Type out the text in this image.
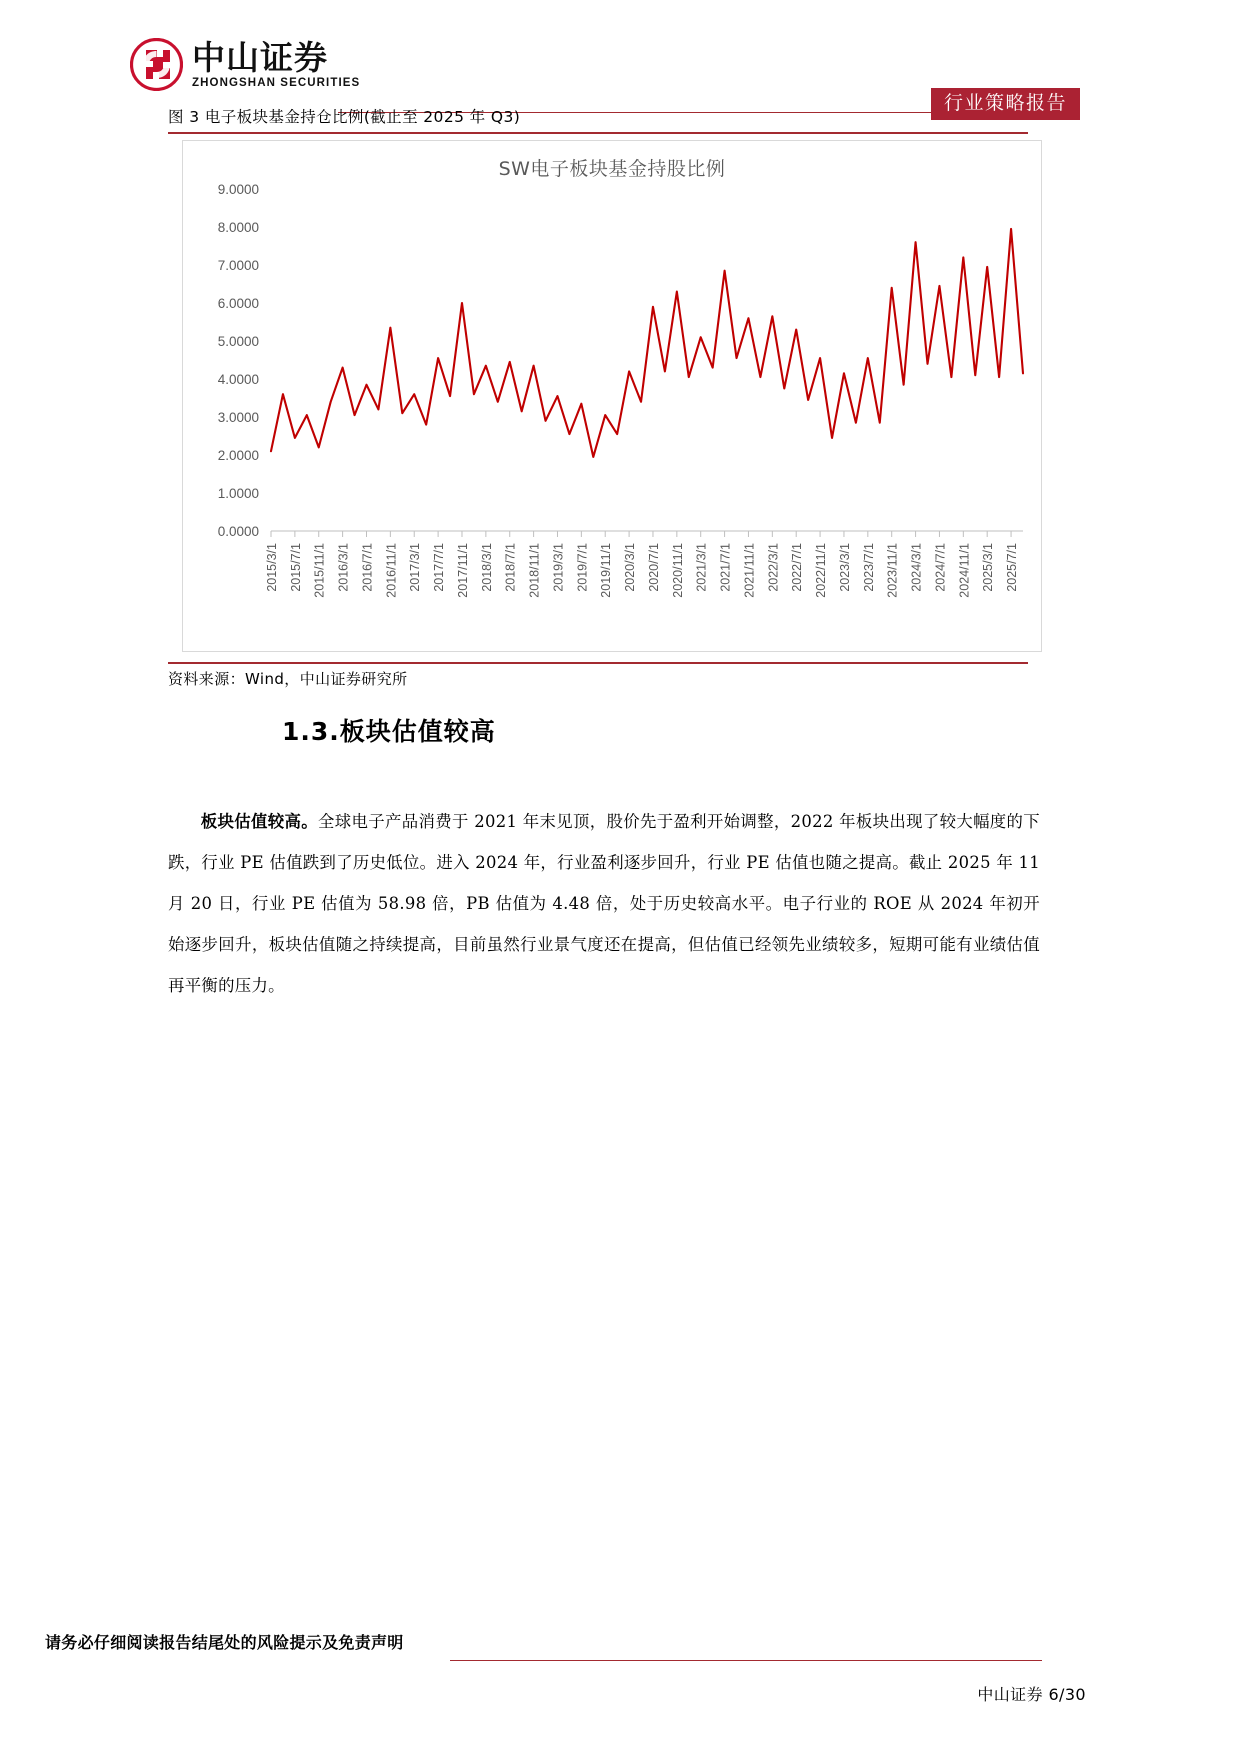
中山证券
ZHONGSHAN SECURITIES
行业策略报告
图 3 电子板块基金持仓比例(截止至 2025 年 Q3)
SW电子板块基金持股比例
0.0000
1.0000
2.0000
3.0000
4.0000
5.0000
6.0000
7.0000
8.0000
9.0000
2015/3/1 2015/7/1 2015/11/1 2016/3/1 2016/7/1 2016/11/1 2017/3/1 2017/7/1 2017/11/1 2018/3/1 2018/7/1 2018/11/1 2019/3/1 2019/7/1 2019/11/1 2020/3/1 2020/7/1 2020/11/1 2021/3/1 2021/7/1 2021/11/1 2022/3/1 2022/7/1 2022/11/1 2023/3/1 2023/7/1 2023/11/1 2024/3/1 2024/7/1 2024/11/1 2025/3/1 2025/7/1
资料来源：Wind，中山证券研究所
1.3.板块估值较高

板块估值较高。全球电子产品消费于 2021 年末见顶，股价先于盈利开始调整，2022 年板块出现了较大幅度的下跌，行业 PE 估值跌到了历史低位。进入 2024 年，行业盈利逐步回升，行业 PE 估值也随之提高。截止 2025 年 11 月 20 日，行业 PE 估值为 58.98 倍，PB 估值为 4.48 倍，处于历史较高水平。电子行业的 ROE 从 2024 年初开始逐步回升，板块估值随之持续提高，目前虽然行业景气度还在提高，但估值已经领先业绩较多，短期可能有业绩估值再平衡的压力。

请务必仔细阅读报告结尾处的风险提示及免责声明
中山证券 6/30
